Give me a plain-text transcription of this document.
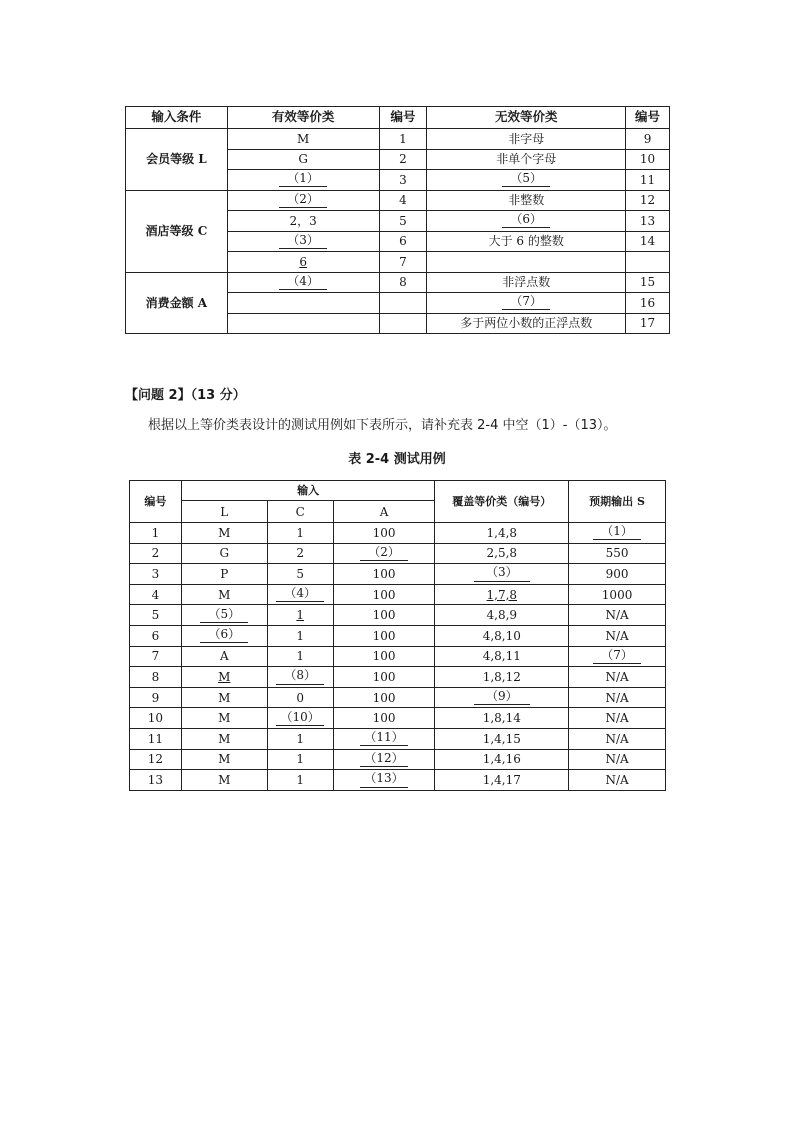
输入条件	有效等价类	编号	无效等价类	编号
会员等级 L	M	1	非字母	9
	G	2	非单个字母	10
	（1）	3	（5）	11
酒店等级 C	（2）	4	非整数	12
	2，3	5	（6）	13
	（3）	6	大于 6 的整数	14
	6	7		
消费金额 A	（4）	8	非浮点数	15
			（7）	16
			多于两位小数的正浮点数	17
【问题 2】（13 分）
根据以上等价类表设计的测试用例如下表所示，请补充表 2-4 中空（1）-（13）。
表 2-4 测试用例
编号	输入			覆盖等价类（编号）	预期输出 S
	L	C	A		
1	M	1	100	1,4,8	（1）
2	G	2	（2）	2,5,8	550
3	P	5	100	（3）	900
4	M	（4）	100	1,7,8	1000
5	（5）	1	100	4,8,9	N/A
6	（6）	1	100	4,8,10	N/A
7	A	1	100	4,8,11	（7）
8	M	（8）	100	1,8,12	N/A
9	M	0	100	（9）	N/A
10	M	（10）	100	1,8,14	N/A
11	M	1	（11）	1,4,15	N/A
12	M	1	（12）	1,4,16	N/A
13	M	1	（13）	1,4,17	N/A
